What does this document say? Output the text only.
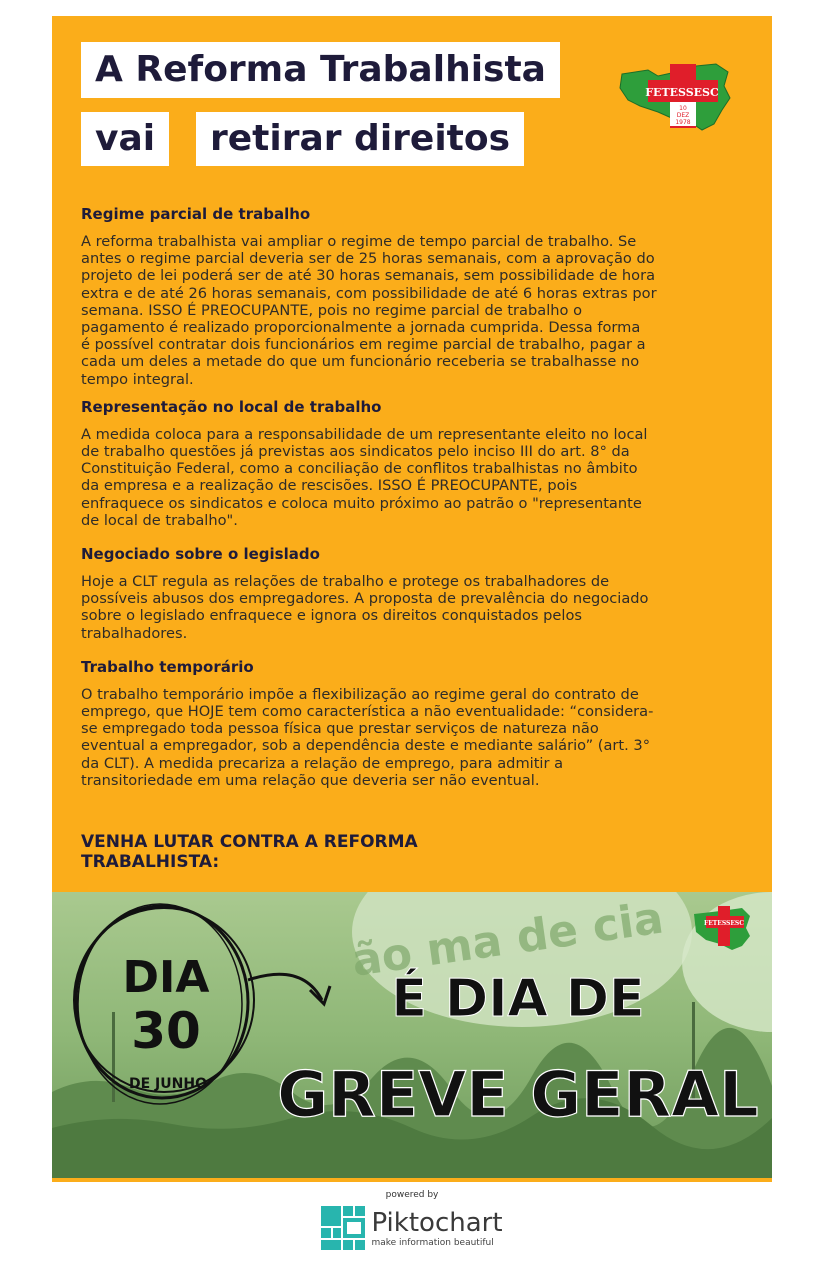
A Reforma Trabalhista
vai	retirar direitos
FETESSESC
10
DEZ
1978
Regime parcial de trabalho
A reforma trabalhista vai ampliar o regime de tempo parcial de trabalho. Se
antes o regime parcial deveria ser de 25 horas semanais, com a aprovação do
projeto de lei poderá ser de até 30 horas semanais, sem possibilidade de hora
extra e de até 26 horas semanais, com possibilidade de até 6 horas extras por
semana. ISSO É PREOCUPANTE, pois no regime parcial de trabalho o
pagamento é realizado proporcionalmente a jornada cumprida. Dessa forma
é possível contratar dois funcionários em regime parcial de trabalho, pagar a
cada um deles a metade do que um funcionário receberia se trabalhasse no
tempo integral.
Representação no local de trabalho
A medida coloca para a responsabilidade de um representante eleito no local
de trabalho questões já previstas aos sindicatos pelo inciso III do art. 8° da
Constituição Federal, como a conciliação de conflitos trabalhistas no âmbito
da empresa e a realização de rescisões. ISSO É PREOCUPANTE, pois
enfraquece os sindicatos e coloca muito próximo ao patrão o "representante
de local de trabalho".
Negociado sobre o legislado
Hoje a CLT regula as relações de trabalho e protege os trabalhadores de
possíveis abusos dos empregadores. A proposta de prevalência do negociado
sobre o legislado enfraquece e ignora os direitos conquistados pelos
trabalhadores.
Trabalho temporário
O trabalho temporário impõe a flexibilização ao regime geral do contrato de
emprego, que HOJE tem como característica a não eventualidade: “considera-
se empregado toda pessoa física que prestar serviços de natureza não
eventual a empregador, sob a dependência deste e mediante salário” (art. 3°
da CLT). A medida precariza a relação de emprego, para admitir a
transitoriedade em uma relação que deveria ser não eventual.
VENHA LUTAR CONTRA A REFORMA
TRABALHISTA:
ão ma de cia
DIA
30
DE JUNHO
É DIA DE
GREVE GERAL
FETESSESC
powered by
Piktochart
make information beautiful
